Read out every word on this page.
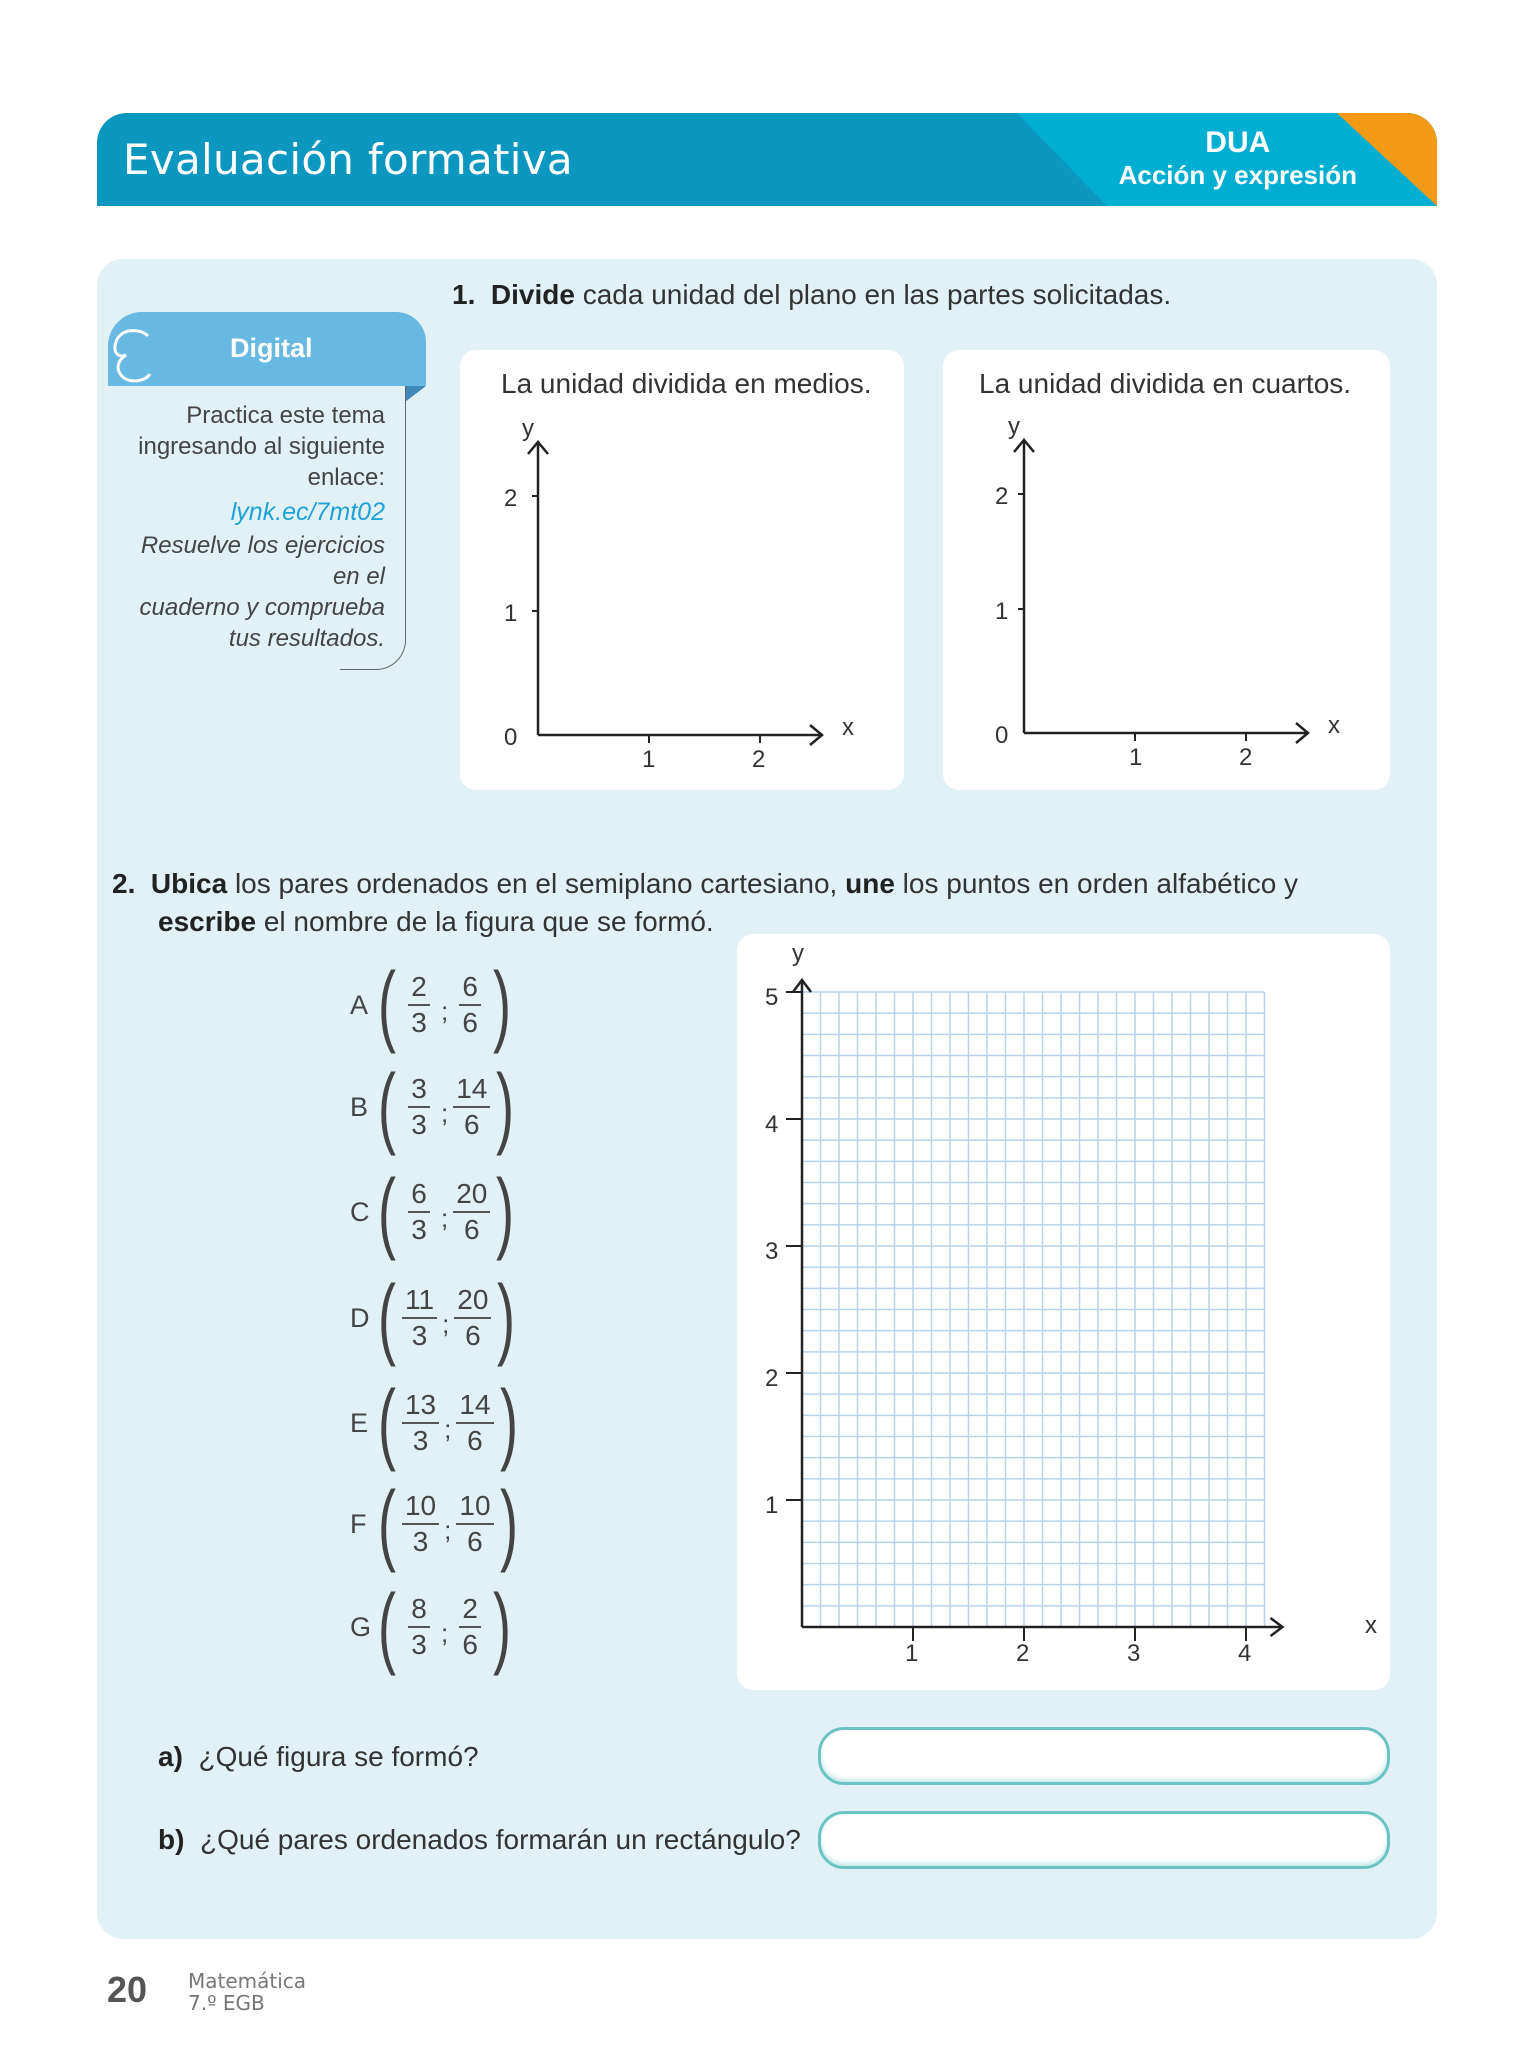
Evaluación formativa	DUA
Acción y expresión
Digital
Practica este tema
ingresando al siguiente
enlace:
lynk.ec/7mt02
Resuelve los ejercicios en el
cuaderno y comprueba
tus resultados.
1. Divide cada unidad del plano en las partes solicitadas.
La unidad dividida en medios.
y
2
1
0
1	2
x
La unidad dividida en cuartos.
y
2
1
0
1	2
x
2. Ubica los pares ordenados en el semiplano cartesiano, une los puntos en orden alfabético y
escribe el nombre de la figura que se formó.
A ( $\frac{2}{3}$ ; $\frac{6}{6}$ )
B ( $\frac{3}{3}$ ; $\frac{14}{6}$ )
C ( $\frac{6}{3}$ ; $\frac{20}{6}$ )
D ( $\frac{11}{3}$ ; $\frac{20}{6}$ )
E ( $\frac{13}{3}$ ; $\frac{14}{6}$ )
F ( $\frac{10}{3}$ ; $\frac{10}{6}$ )
G ( $\frac{8}{3}$ ; $\frac{2}{6}$ )
y
5
4
3
2
1
1	2	3	4
x
a) ¿Qué figura se formó?
b) ¿Qué pares ordenados formarán un rectángulo?
20 Matemática
7.º EGB
